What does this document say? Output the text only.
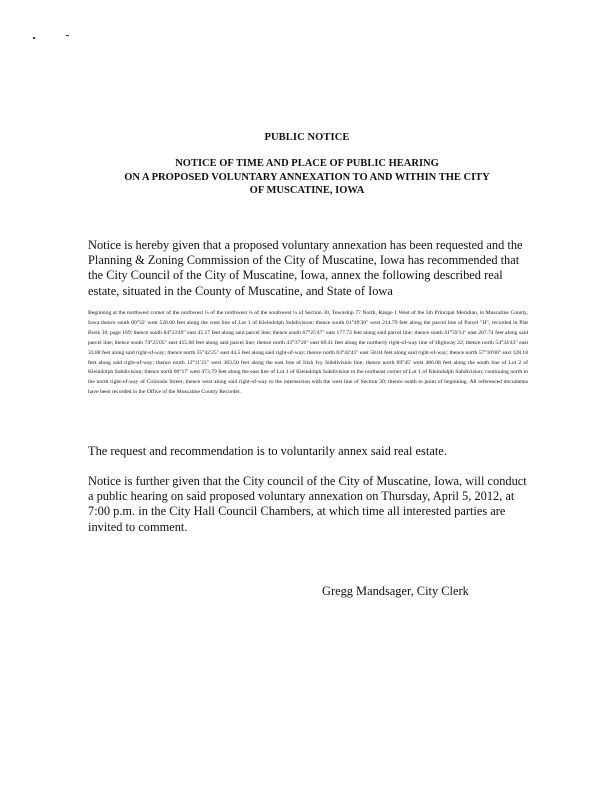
PUBLIC NOTICE
NOTICE OF TIME AND PLACE OF PUBLIC HEARING
ON A PROPOSED VOLUNTARY ANNEXATION TO AND WITHIN THE CITY
OF MUSCATINE, IOWA
Notice is hereby given that a proposed voluntary annexation has been requested and the Planning & Zoning Commission of the City of Muscatine, Iowa has recommended that the City Council of the City of Muscatine, Iowa, annex the following described real estate, situated in the County of Muscatine, and State of Iowa
Beginning at the northwest corner of the northwest ¼ of the northwest ¼ of the southwest ¼ of Section 30, Township 77 North, Range 1 West of the 5th Principal Meridian, in Muscatine County, Iowa thence south 00°32' west 520.00 feet along the west line of Lot 1 of Kleindolph Subdivision; thence south 01°49'30" west 214.79 feet along the parcel line of Parcel "H", recorded in Plat Book 30, page 169; thence south 84°33'49" east 45.17 feet along said parcel line; thence south 67°25'47" east 177.73 feet along said parcel line; thence south 41°59'13" east 207.74 feet along said parcel line; thence south 74°25'05" east 415.68 feet along said parcel line; thence north 43°37'20" east 68.41 feet along the northerly right-of-way line of Highway 22; thence north 54°34'43" east 33.88 feet along said right-of-way; thence north 55°42'25" east 44.5 feet along said right-of-way; thence north 83°42'41" east 58.04 feet along said right-of-way; thence north 57°10'00" east 128.18 feet along said right-of-way; thence north 12°11'23" west 383.50 feet along the east line of Irish Ivy Subdivision line; thence north 89°45' west 486.08 feet along the south line of Lot 2 of Kleindolph Subdivision; thence north 00°17' west 473.79 feet along the east line of Lot 1 of Kleindolph Subdivision to the northeast corner of Lot 1 of Kleindolph Subdivision; continuing north to the north right-of-way of Colorado Street; thence west along said right-of-way to the intersection with the west line of Section 30; thence south to point of beginning. All referenced documents have been recorded in the Office of the Muscatine County Recorder.
The request and recommendation is to voluntarily annex said real estate.
Notice is further given that the City council of the City of Muscatine, Iowa, will conduct a public hearing on said proposed voluntary annexation on Thursday, April 5, 2012, at 7:00 p.m. in the City Hall Council Chambers, at which time all interested parties are invited to comment.
Gregg Mandsager, City Clerk
